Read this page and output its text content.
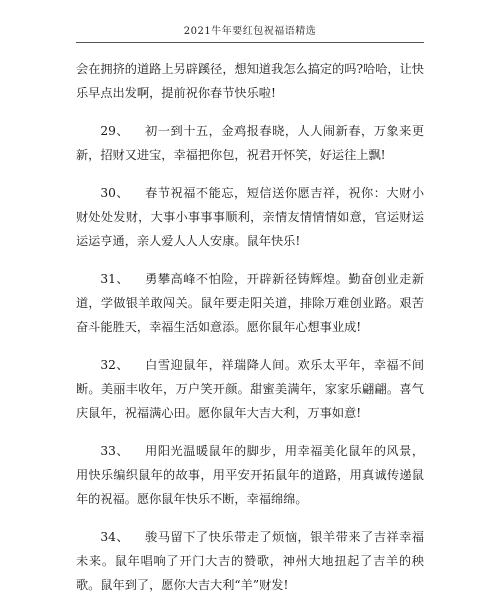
2021牛年要红包祝福语精选

会在拥挤的道路上另辟蹊径，想知道我怎么搞定的吗?哈哈，让快乐早点出发啊，提前祝你春节快乐啦!

29、 初一到十五，金鸡报春晓，人人闹新春，万象来更新，招财又进宝，幸福把你包，祝君开怀笑，好运往上飘!

30、 春节祝福不能忘，短信送你愿吉祥，祝你：大财小财处处发财，大事小事事事顺利，亲情友情情情如意，官运财运运运亨通，亲人爱人人人安康。鼠年快乐!

31、 勇攀高峰不怕险，开辟新径铸辉煌。勤奋创业走新道，学做银羊敢闯关。鼠年要走阳关道，排除万难创业路。艰苦奋斗能胜天，幸福生活如意添。愿你鼠年心想事业成!

32、 白雪迎鼠年，祥瑞降人间。欢乐太平年，幸福不间断。美丽丰收年，万户笑开颜。甜蜜美满年，家家乐翩翩。喜气庆鼠年，祝福满心田。愿你鼠年大吉大利，万事如意!

33、 用阳光温暖鼠年的脚步，用幸福美化鼠年的风景，用快乐编织鼠年的故事，用平安开拓鼠年的道路，用真诚传递鼠年的祝福。愿你鼠年快乐不断，幸福绵绵。

34、 骏马留下了快乐带走了烦恼，银羊带来了吉祥幸福未来。鼠年唱响了开门大吉的赞歌，神州大地扭起了吉羊的秧歌。鼠年到了，愿你大吉大利“羊”财发!
